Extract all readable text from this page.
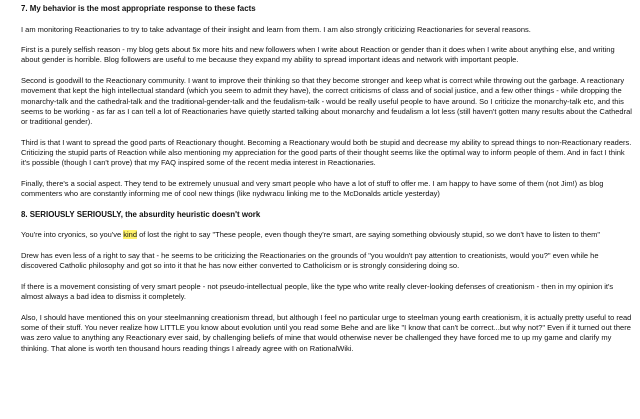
7. My behavior is the most appropriate response to these facts

I am monitoring Reactionaries to try to take advantage of their insight and learn from them. I am also strongly criticizing Reactionaries for several reasons.

First is a purely selfish reason - my blog gets about 5x more hits and new followers when I write about Reaction or gender than it does when I write about anything else, and writing about gender is horrible. Blog followers are useful to me because they expand my ability to spread important ideas and network with important people.

Second is goodwill to the Reactionary community. I want to improve their thinking so that they become stronger and keep what is correct while throwing out the garbage. A reactionary movement that kept the high intellectual standard (which you seem to admit they have), the correct criticisms of class and of social justice, and a few other things - while dropping the monarchy-talk and the cathedral-talk and the traditional-gender-talk and the feudalism-talk - would be really useful people to have around. So I criticize the monarchy-talk etc, and this seems to be working - as far as I can tell a lot of Reactionaries have quietly started talking about monarchy and feudalism a lot less (still haven't gotten many results about the Cathedral or traditional gender).

Third is that I want to spread the good parts of Reactionary thought. Becoming a Reactionary would both be stupid and decrease my ability to spread things to non-Reactionary readers. Criticizing the stupid parts of Reaction while also mentioning my appreciation for the good parts of their thought seems like the optimal way to inform people of them. And in fact I think it's possible (though I can't prove) that my FAQ inspired some of the recent media interest in Reactionaries.

Finally, there's a social aspect. They tend to be extremely unusual and very smart people who have a lot of stuff to offer me. I am happy to have some of them (not Jim!) as blog commenters who are constantly informing me of cool new things (like nydwracu linking me to the McDonalds article yesterday)

8. SERIOUSLY SERIOUSLY, the absurdity heuristic doesn't work

You're into cryonics, so you've kind of lost the right to say "These people, even though they're smart, are saying something obviously stupid, so we don't have to listen to them"

Drew has even less of a right to say that - he seems to be criticizing the Reactionaries on the grounds of "you wouldn't pay attention to creationists, would you?" even while he discovered Catholic philosophy and got so into it that he has now either converted to Catholicism or is strongly considering doing so.

If there is a movement consisting of very smart people - not pseudo-intellectual people, like the type who write really clever-looking defenses of creationism - then in my opinion it's almost always a bad idea to dismiss it completely.

Also, I should have mentioned this on your steelmanning creationism thread, but although I feel no particular urge to steelman young earth creationism, it is actually pretty useful to read some of their stuff. You never realize how LITTLE you know about evolution until you read some Behe and are like "I know that can't be correct...but why not?" Even if it turned out there was zero value to anything any Reactionary ever said, by challenging beliefs of mine that would otherwise never be challenged they have forced me to up my game and clarify my thinking. That alone is worth ten thousand hours reading things I already agree with on RationalWiki.
